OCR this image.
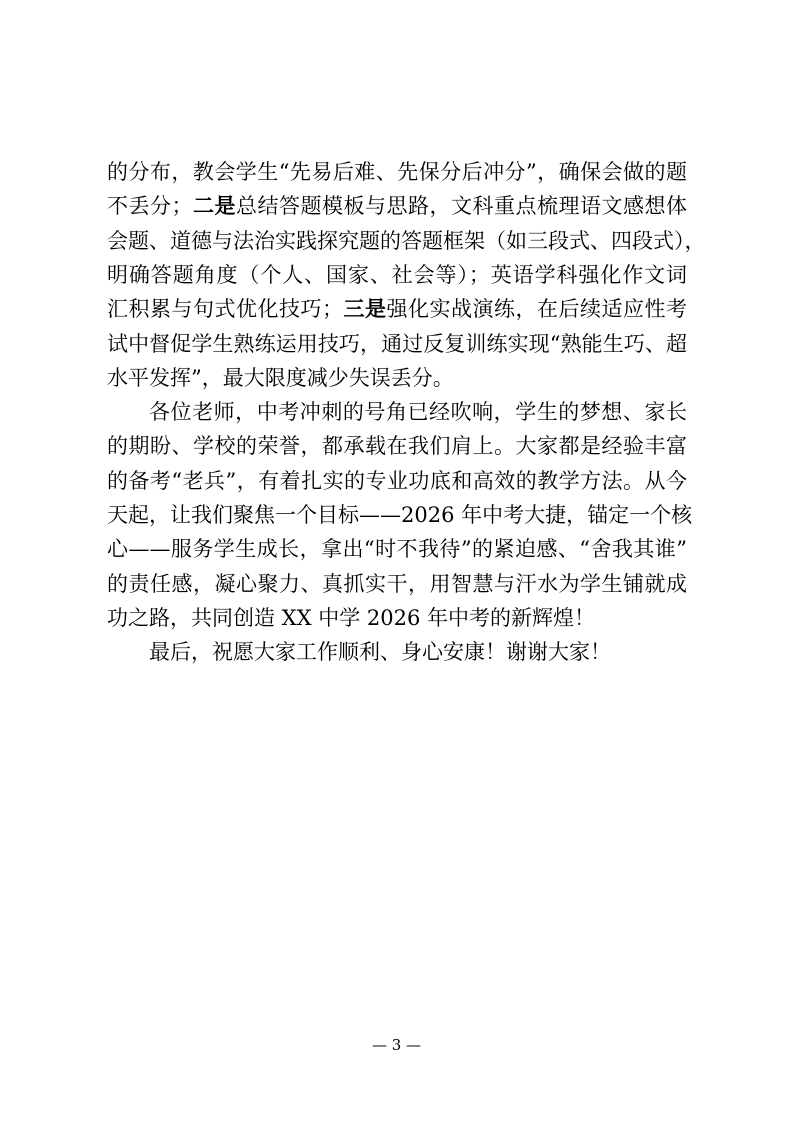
的分布，教会学生“先易后难、先保分后冲分”，确保会做的题
不丢分；二是总结答题模板与思路，文科重点梳理语文感想体
会题、道德与法治实践探究题的答题框架（如三段式、四段式），
明确答题角度（个人、国家、社会等）；英语学科强化作文词
汇积累与句式优化技巧；三是强化实战演练，在后续适应性考
试中督促学生熟练运用技巧，通过反复训练实现“熟能生巧、超
水平发挥”，最大限度减少失误丢分。
各位老师，中考冲刺的号角已经吹响，学生的梦想、家长
的期盼、学校的荣誉，都承载在我们肩上。大家都是经验丰富
的备考“老兵”，有着扎实的专业功底和高效的教学方法。从今
天起，让我们聚焦一个目标——2026 年中考大捷，锚定一个核
心——服务学生成长，拿出“时不我待”的紧迫感、“舍我其谁”
的责任感，凝心聚力、真抓实干，用智慧与汗水为学生铺就成
功之路，共同创造 XX 中学 2026 年中考的新辉煌！
最后，祝愿大家工作顺利、身心安康！谢谢大家！
— 3 —
